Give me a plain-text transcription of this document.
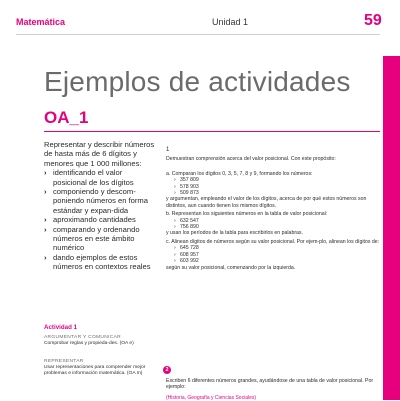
Matemática	Unidad 1	59
Ejemplos de actividades
OA_1
Representar y describir números de hasta más de 6 dígitos y menores que 1 000 millones:
› identificando el valor posicional de los dígitos
› componiendo y descom-poniendo números en forma estándar y expan-dida
› aproximando cantidades
› comparando y ordenando números en este ámbito numérico
› dando ejemplos de estos números en contextos reales
Actividad 1
ARGUMENTAR Y COMUNICAR
Comprobar reglas y propieda-des. (OA e)
REPRESENTAR
Usar representaciones para comprender mejor problemas e información matemática. (OA m)
1
Demuestran comprensión acerca del valor posicional. Con este propósito:
a. Comparan los dígitos 0, 3, 5, 7, 8 y 9, formando los números:
› 357 809
› 578 903
› 509 873
y argumentan, empleando el valor de los dígitos, acerca de por qué estos números son distintos, aun cuando tienen los mismos dígitos.
b. Representan los siguientes números en la tabla de valor posicional:
› 632 547
› 756 890
y usan los períodos de la tabla para escribirlos en palabras.
c. Alinean dígitos de números según su valor posicional. Por ejem-plo, alinean los dígitos de:
› 645 728
› 608 957
› 603 992
según su valor posicional, comenzando por la izquierda.
2
Escriben 6 diferentes números grandes, ayudándose de una tabla de valor posicional. Por ejemplo:
(Historia, Geografía y Ciencias Sociales)
